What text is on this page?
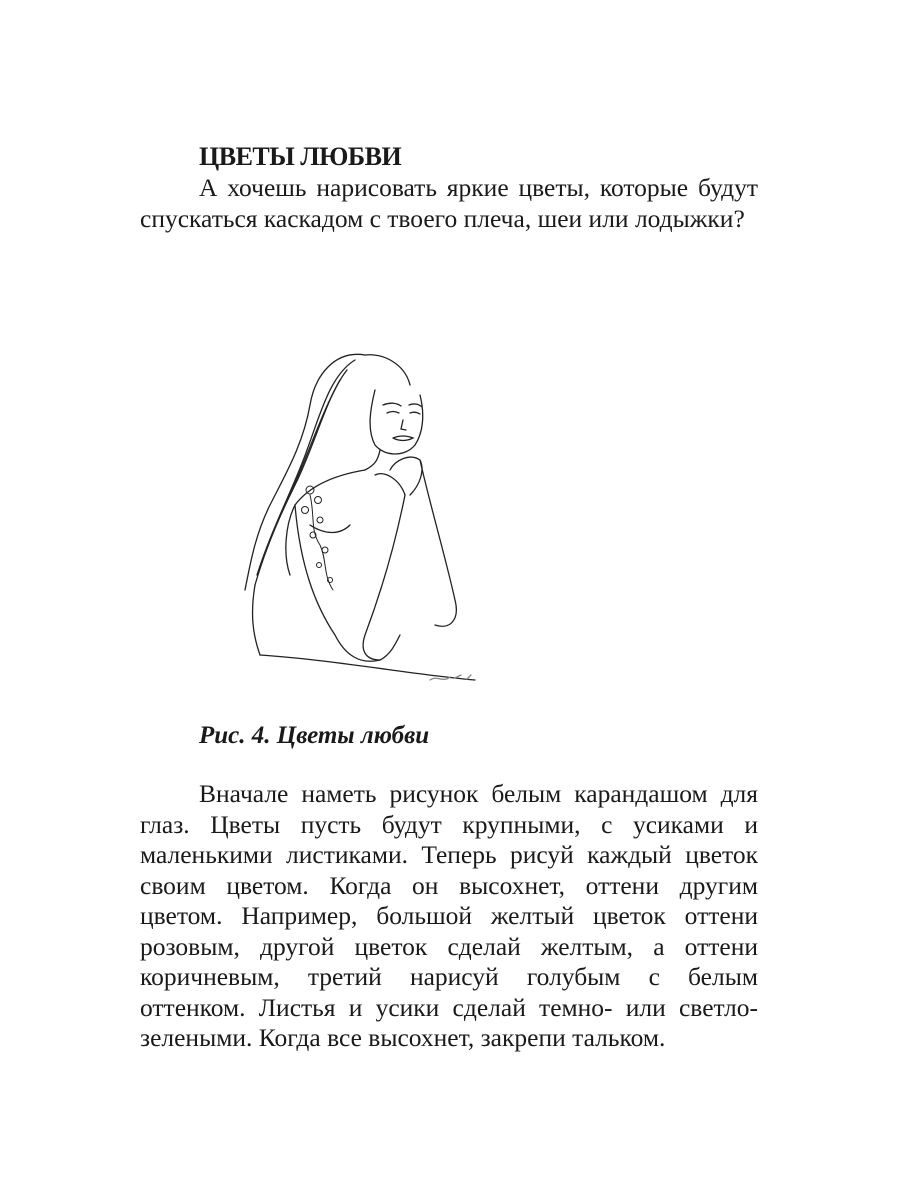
ЦВЕТЫ ЛЮБВИ

А хочешь нарисовать яркие цветы, которые будут спускаться каскадом с твоего плеча, шеи или лодыжки?

Рис. 4. Цветы любви

Вначале наметь рисунок белым карандашом для глаз. Цветы пусть будут крупными, с усиками и маленькими листиками. Теперь рисуй каждый цветок своим цветом. Когда он высохнет, оттени другим цветом. Например, большой желтый цветок оттени розовым, другой цветок сделай желтым, а оттени коричневым, третий нарисуй голубым с белым оттенком. Листья и усики сделай темно- или светло-зелеными. Когда все высохнет, закрепи тальком.
